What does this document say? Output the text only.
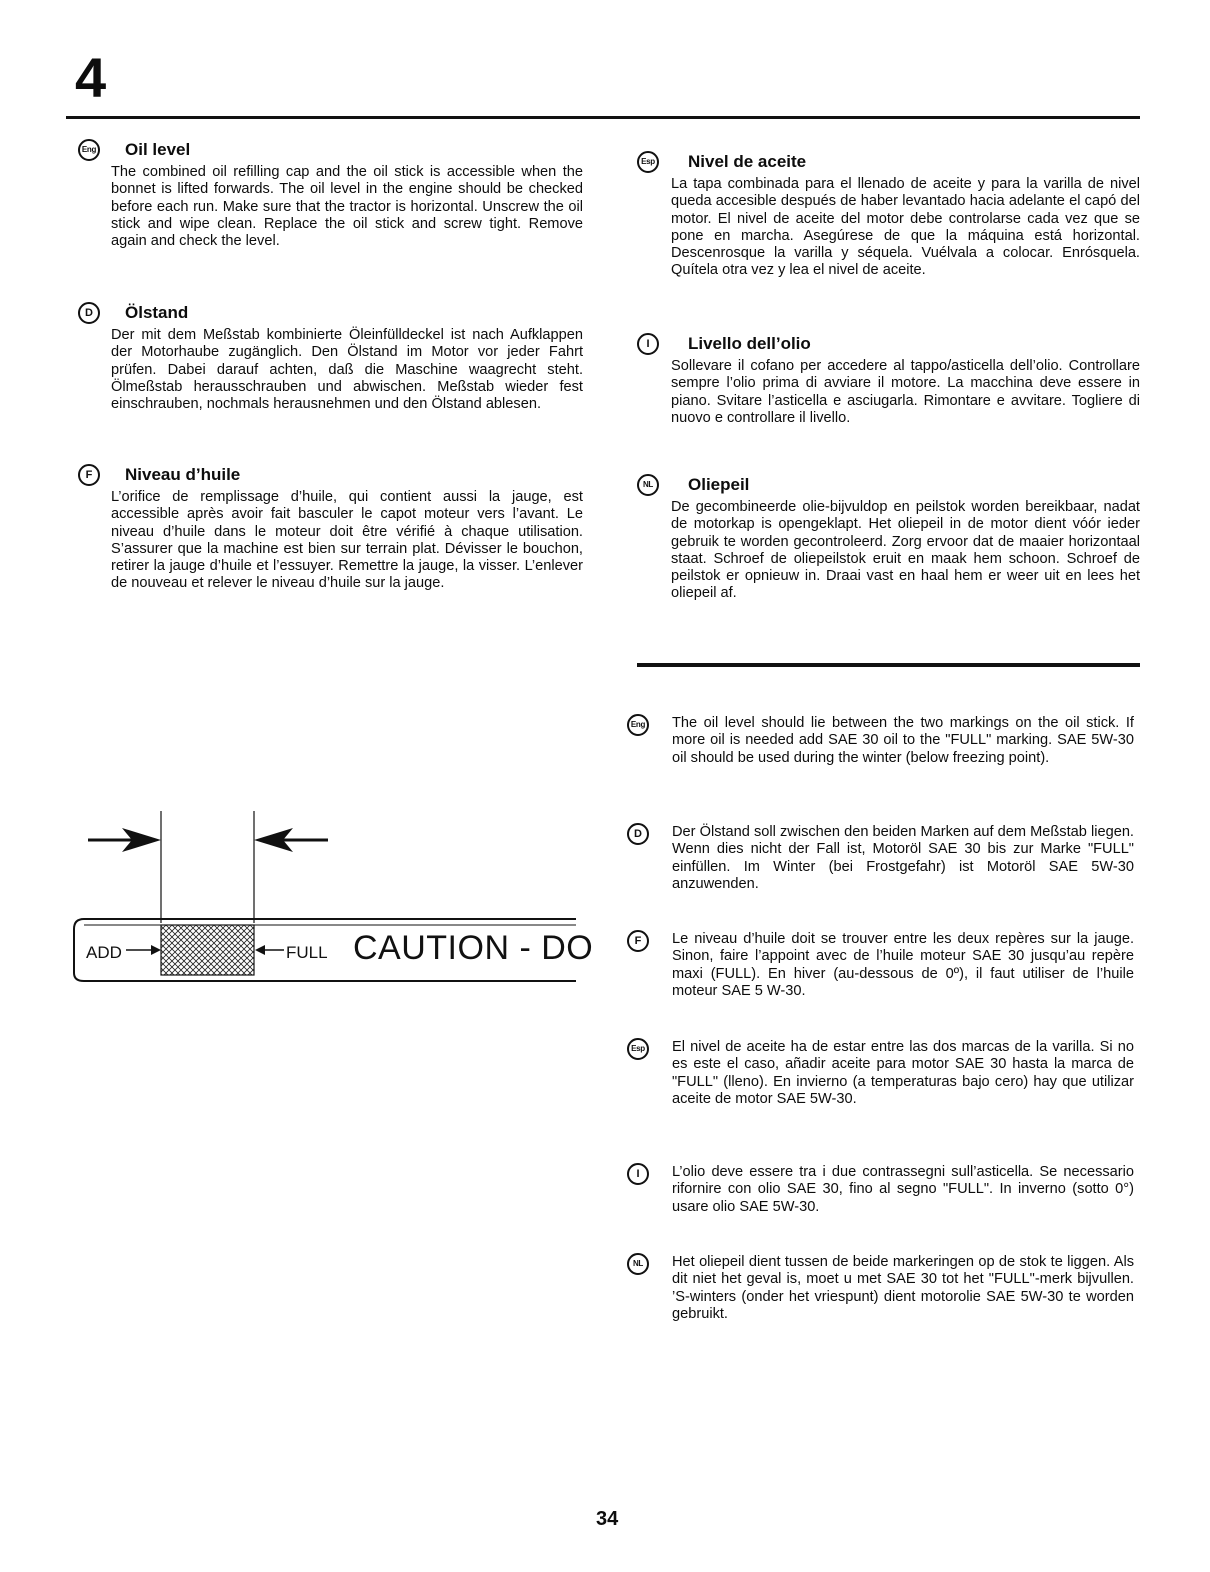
4
Eng Oil level

The combined oil refilling cap and the oil stick is accessible when the bonnet is lifted forwards. The oil level in the engine should be checked before each run. Make sure that the tractor is horizontal. Unscrew the oil stick and wipe clean. Replace the oil stick and screw tight. Remove again and check the level.

D	Ölstand

Der mit dem Meßstab kombinierte Öleinfülldeckel ist nach Aufklappen der Motorhaube zugänglich. Den Ölstand im Motor vor jeder Fahrt prüfen. Dabei darauf achten, daß die Maschine waagrecht steht. Ölmeßstab herausschrauben und abwischen. Meßstab wieder fest einschrauben, nochmals herausnehmen und den Ölstand ablesen.

F	Niveau d’huile

L’orifice de remplissage d’huile, qui contient aussi la jauge, est accessible après avoir fait basculer le capot moteur vers l’avant. Le niveau d’huile dans le moteur doit être vérifié à chaque utilisation. S’assurer que la machine est bien sur terrain plat. Dévisser le bouchon, retirer la jauge d’huile et l’essuyer. Remettre la jauge, la visser. L’enlever de nouveau et relever le niveau d’huile sur la jauge.

Esp Nivel de aceite

La tapa combinada para el llenado de aceite y para la varilla de nivel queda accesible después de haber levantado hacia adelante el capó del motor. El nivel de aceite del motor debe controlarse cada vez que se pone en marcha. Asegúrese de que la máquina está horizontal. Descenrosque la varilla y séquela. Vuélvala a colocar. Enrósquela. Quítela otra vez y lea el nivel de aceite.

I	Livello dell’olio

Sollevare il cofano per accedere al tappo/asticella dell’olio. Controllare sempre l’olio prima di avviare il motore. La macchina deve essere in piano. Svitare l’asticella e asciugarla. Rimontare e avvitare. Togliere di nuovo e controllare il livello.

NL	Oliepeil

De gecombineerde olie-bijvuldop en peilstok worden bereikbaar, nadat de motorkap is opengeklapt. Het oliepeil in de motor dient vóór ieder gebruik te worden gecontroleerd. Zorg ervoor dat de maaier horizontaal staat. Schroef de oliepeilstok eruit en maak hem schoon. Schroef de peilstok er opnieuw in. Draai vast en haal hem er weer uit en lees het oliepeil af.

Eng The oil level should lie between the two markings on the oil stick. If more oil is needed add SAE 30 oil to the "FULL" marking. SAE 5W-30 oil should be used during the winter (below freezing point).

D	Der Ölstand soll zwischen den beiden Marken auf dem Meßstab liegen. Wenn dies nicht der Fall ist, Motoröl SAE 30 bis zur Marke "FULL" einfüllen. Im Winter (bei Frostgefahr) ist Motoröl SAE 5W-30 anzuwenden.

F	Le niveau d’huile doit se trouver entre les deux repères sur la jauge. Sinon, faire l’appoint avec de l’huile moteur SAE 30 jusqu’au repère maxi (FULL). En hiver (au-dessous de 0º), il faut utiliser de l’huile moteur SAE 5 W-30.

Esp El nivel de aceite ha de estar entre las dos marcas de la varilla. Si no es este el caso, añadir aceite para motor SAE 30 hasta la marca de "FULL" (lleno). En invierno (a temperaturas bajo cero) hay que utilizar aceite de motor SAE 5W-30.

I	L’olio deve essere tra i due contrassegni sull’asticella. Se necessario rifornire con olio SAE 30, fino al segno "FULL". In inverno (sotto 0°) usare olio SAE 5W-30.

NL	Het oliepeil dient tussen de beide markeringen op de stok te liggen. Als dit niet het geval is, moet u met SAE 30 tot het "FULL"-merk bijvullen. ’S-winters (onder het vriespunt) dient motorolie SAE 5W-30 te worden gebruikt.

ADD	FULL CAUTION - DO
34
